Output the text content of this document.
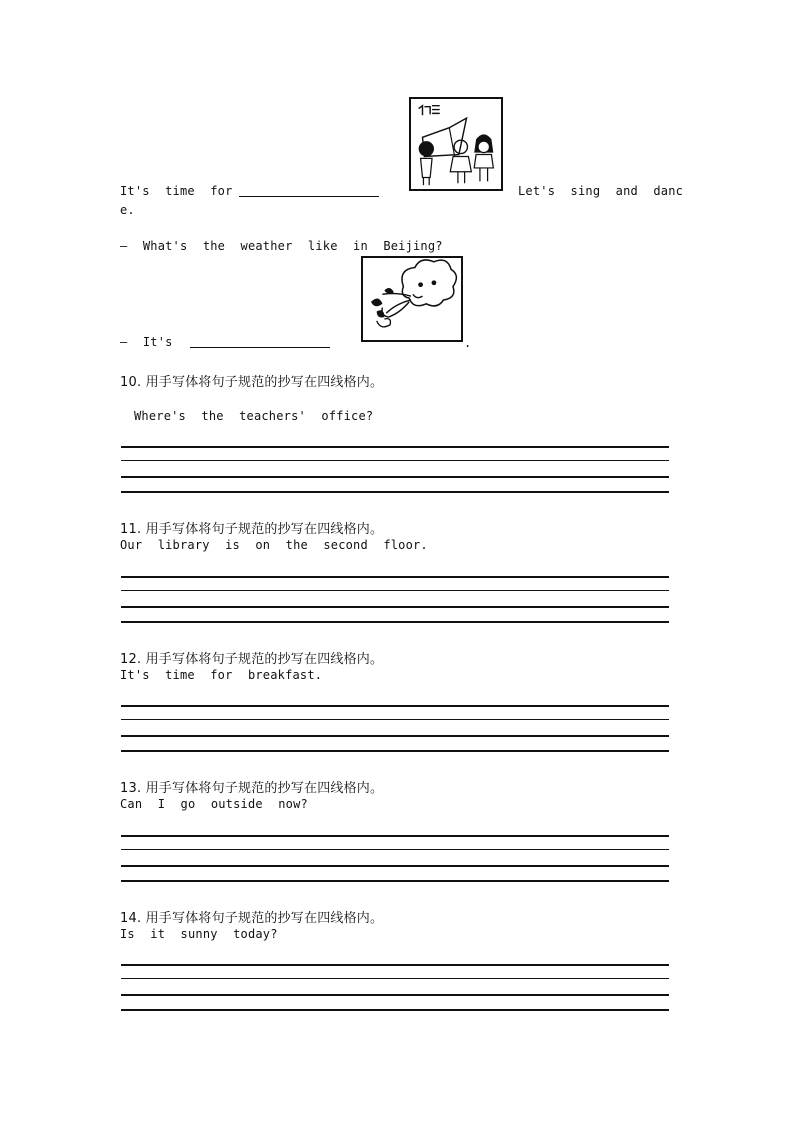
It's time for	Let's sing and danc
e.
— What's the weather like in Beijing?
— It's	.
10. 用手写体将句子规范的抄写在四线格内。
Where's the teachers' office?
11. 用手写体将句子规范的抄写在四线格内。
Our library is on the second floor.
12. 用手写体将句子规范的抄写在四线格内。
It's time for breakfast.
13. 用手写体将句子规范的抄写在四线格内。
Can I go outside now?
14. 用手写体将句子规范的抄写在四线格内。
Is it sunny today?
